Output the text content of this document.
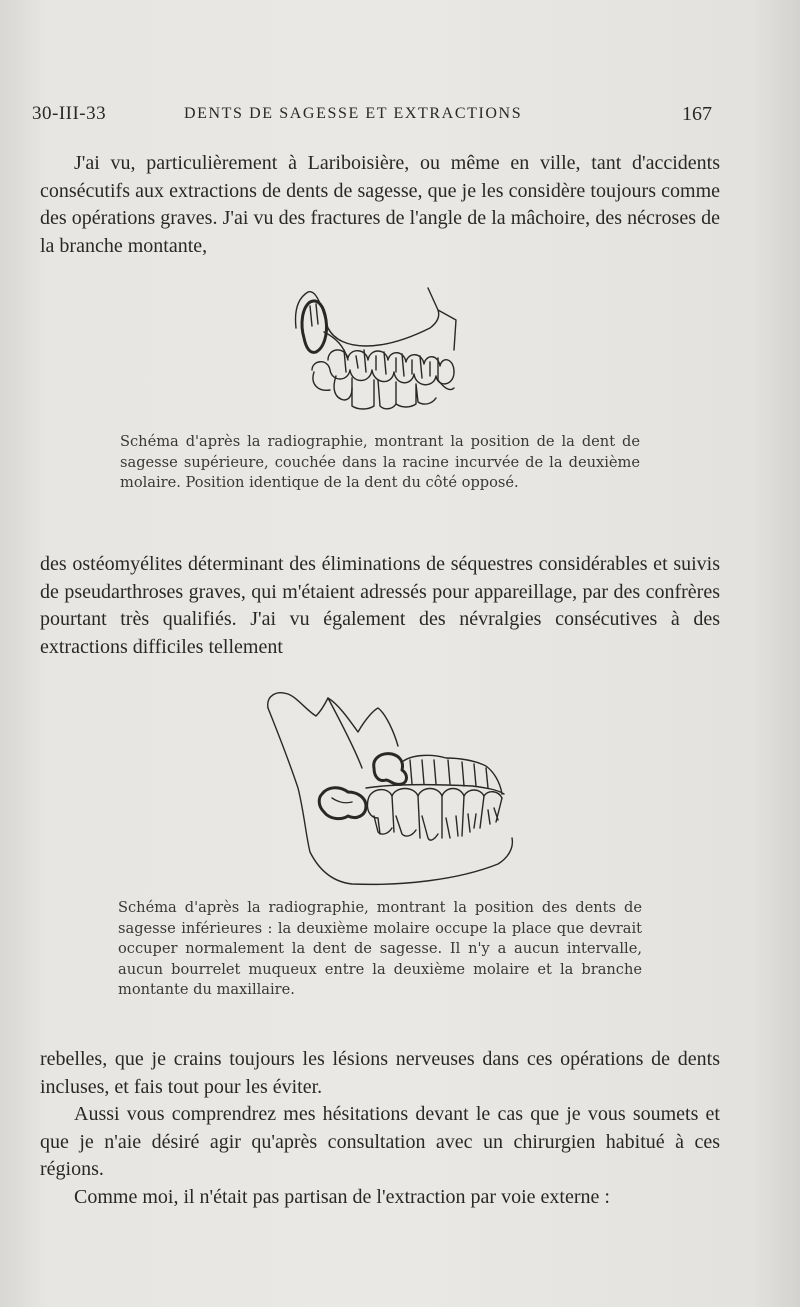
30-III-33	DENTS DE SAGESSE ET EXTRACTIONS	167
J'ai vu, particulièrement à Lariboisière, ou même en ville, tant d'accidents consécutifs aux extractions de dents de sagesse, que je les considère toujours comme des opérations graves. J'ai vu des fractures de l'angle de la mâchoire, des nécroses de la branche montante,

Schéma d'après la radiographie, montrant la position de la dent de sagesse supérieure, couchée dans la racine incurvée de la deuxième molaire. Position identique de la dent du côté opposé.

des ostéomyélites déterminant des éliminations de séquestres considérables et suivis de pseudarthroses graves, qui m'étaient adressés pour appareillage, par des confrères pourtant très qualifiés. J'ai vu également des névralgies consécutives à des extractions difficiles tellement

Schéma d'après la radiographie, montrant la position des dents de sagesse inférieures : la deuxième molaire occupe la place que devrait occuper normalement la dent de sagesse. Il n'y a aucun intervalle, aucun bourrelet muqueux entre la deuxième molaire et la branche montante du maxillaire.

rebelles, que je crains toujours les lésions nerveuses dans ces opérations de dents incluses, et fais tout pour les éviter.
Aussi vous comprendrez mes hésitations devant le cas que je vous soumets et que je n'aie désiré agir qu'après consultation avec un chirurgien habitué à ces régions.
Comme moi, il n'était pas partisan de l'extraction par voie externe :
